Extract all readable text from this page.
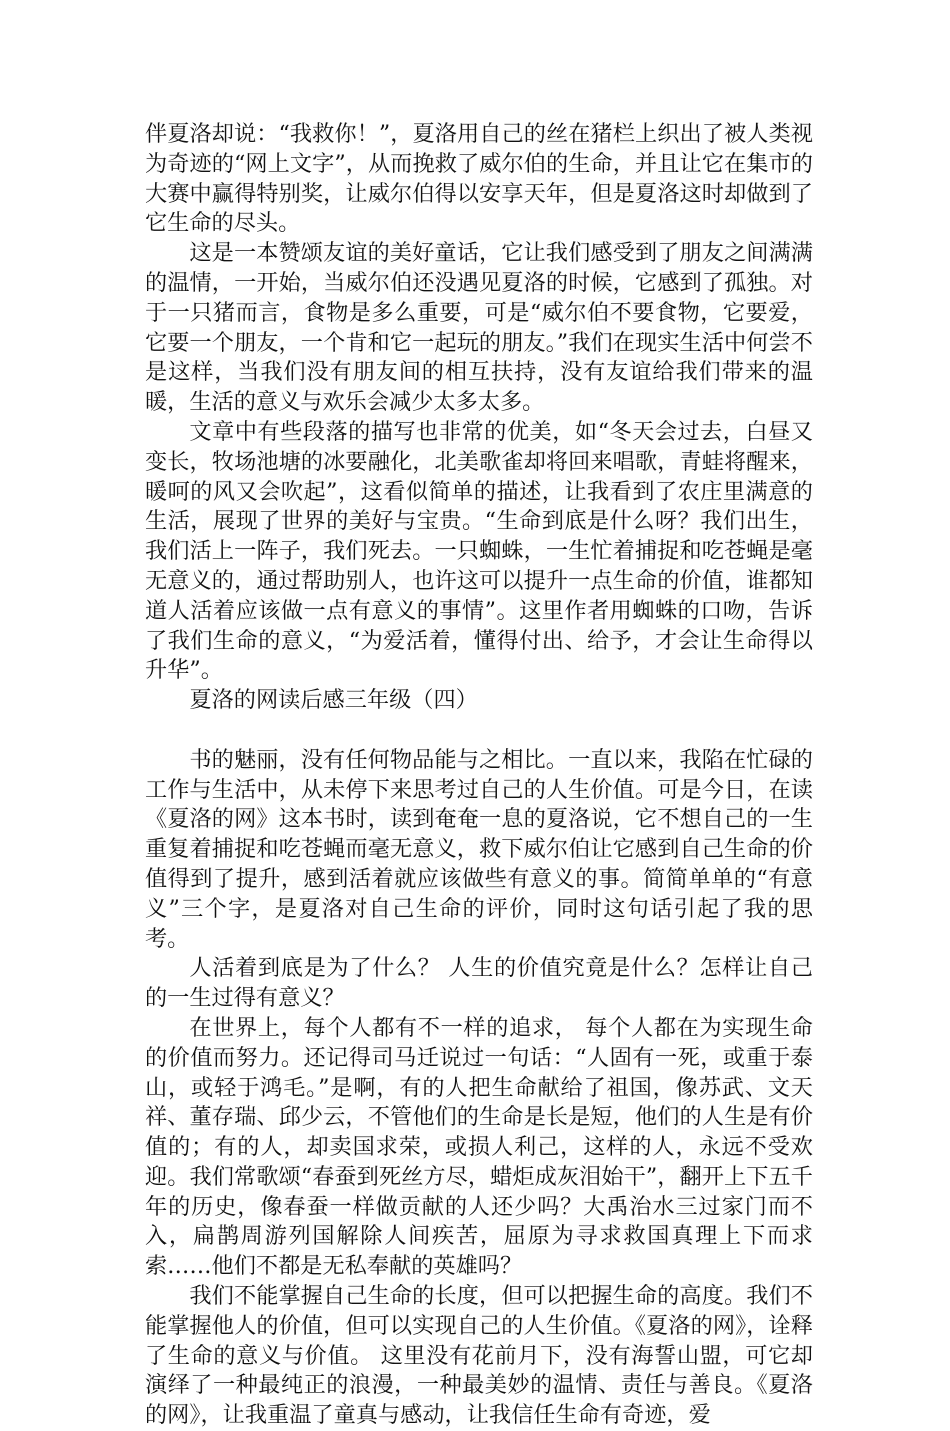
伴夏洛却说：“我救你！”，夏洛用自己的丝在猪栏上织出了被人类视为奇迹的“网上文字”，从而挽救了威尔伯的生命，并且让它在集市的大赛中赢得特别奖，让威尔伯得以安享天年，但是夏洛这时却做到了它生命的尽头。

这是一本赞颂友谊的美好童话，它让我们感受到了朋友之间满满的温情，一开始，当威尔伯还没遇见夏洛的时候，它感到了孤独。对于一只猪而言，食物是多么重要，可是“威尔伯不要食物，它要爱，它要一个朋友，一个肯和它一起玩的朋友。”我们在现实生活中何尝不是这样，当我们没有朋友间的相互扶持，没有友谊给我们带来的温暖，生活的意义与欢乐会减少太多太多。

文章中有些段落的描写也非常的优美，如“冬天会过去，白昼又变长，牧场池塘的冰要融化，北美歌雀却将回来唱歌，青蛙将醒来，暖呵的风又会吹起”，这看似简单的描述，让我看到了农庄里满意的生活，展现了世界的美好与宝贵。“生命到底是什么呀？我们出生，我们活上一阵子，我们死去。一只蜘蛛，一生忙着捕捉和吃苍蝇是毫无意义的，通过帮助别人，也许这可以提升一点生命的价值，谁都知道人活着应该做一点有意义的事情”。这里作者用蜘蛛的口吻，告诉了我们生命的意义，“为爱活着，懂得付出、给予，才会让生命得以升华”。

夏洛的网读后感三年级（四）

书的魅丽，没有任何物品能与之相比。一直以来，我陷在忙碌的工作与生活中，从未停下来思考过自己的人生价值。可是今日，在读《夏洛的网》这本书时，读到奄奄一息的夏洛说，它不想自己的一生重复着捕捉和吃苍蝇而毫无意义，救下威尔伯让它感到自己生命的价值得到了提升，感到活着就应该做些有意义的事。简简单单的“有意义”三个字，是夏洛对自己生命的评价，同时这句话引起了我的思考。

人活着到底是为了什么？ 人生的价值究竟是什么？怎样让自己的一生过得有意义？

在世界上，每个人都有不一样的追求， 每个人都在为实现生命的价值而努力。还记得司马迁说过一句话：“人固有一死，或重于泰山，或轻于鸿毛。”是啊，有的人把生命献给了祖国，像苏武、文天祥、董存瑞、邱少云，不管他们的生命是长是短，他们的人生是有价值的；有的人，却卖国求荣，或损人利己，这样的人，永远不受欢迎。我们常歌颂“春蚕到死丝方尽，蜡炬成灰泪始干”，翻开上下五千年的历史，像春蚕一样做贡献的人还少吗？大禹治水三过家门而不入，扁鹊周游列国解除人间疾苦，屈原为寻求救国真理上下而求索……他们不都是无私奉献的英雄吗？

我们不能掌握自己生命的长度，但可以把握生命的高度。我们不能掌握他人的价值，但可以实现自己的人生价值。《夏洛的网》，诠释了生命的意义与价值。 这里没有花前月下，没有海誓山盟，可它却演绎了一种最纯正的浪漫，一种最美妙的温情、责任与善良。《夏洛的网》，让我重温了童真与感动，让我信任生命有奇迹，爱
